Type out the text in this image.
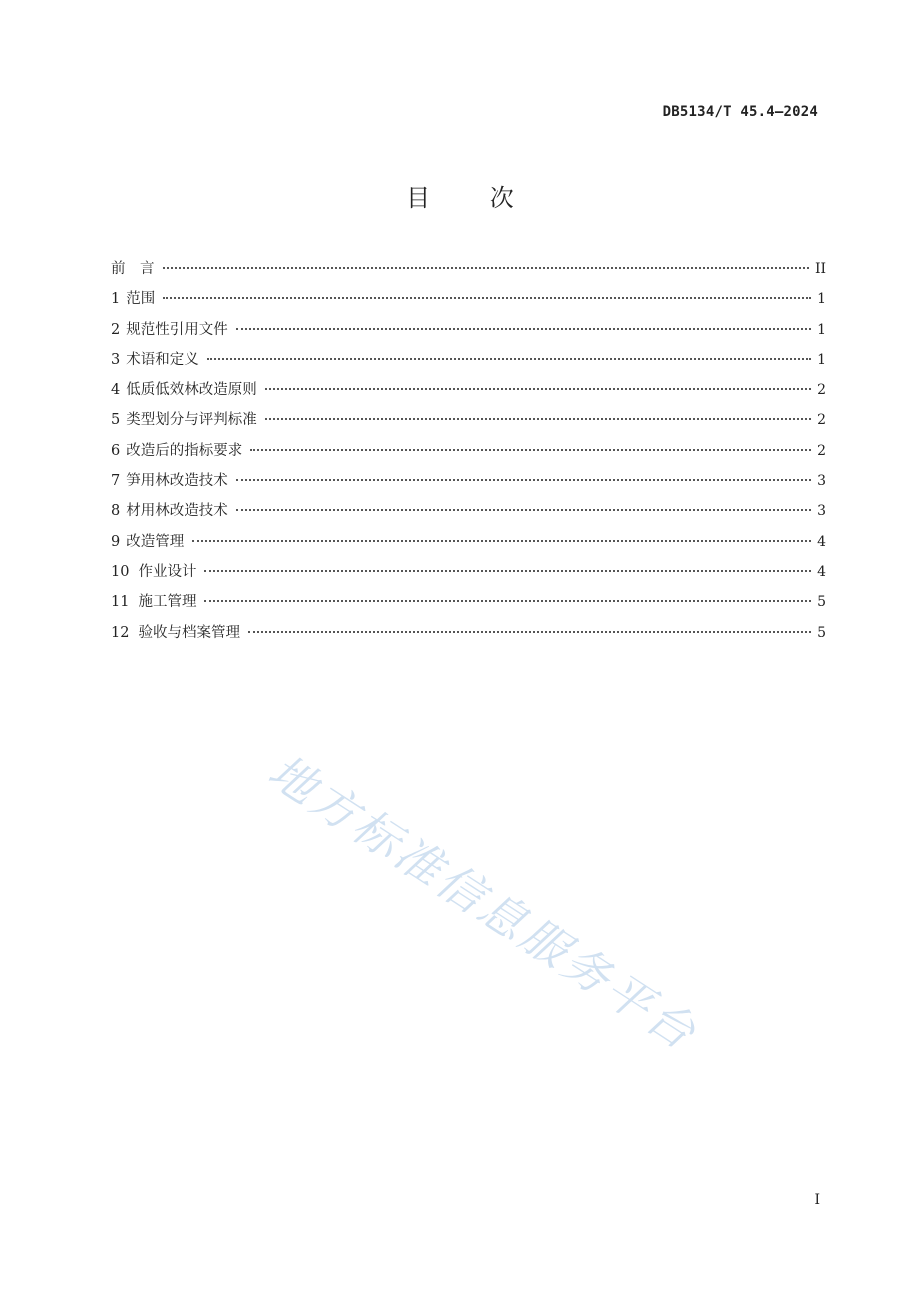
DB5134/T 45.4—2024
目 次
前　言	II
1 范围	1
2 规范性引用文件	1
3 术语和定义	1
4 低质低效林改造原则	2
5 类型划分与评判标准	2
6 改造后的指标要求	2
7 笋用林改造技术	3
8 材用林改造技术	3
9 改造管理	4
10 作业设计	4
11 施工管理	5
12 验收与档案管理	5
地方标准信息服务平台
I
